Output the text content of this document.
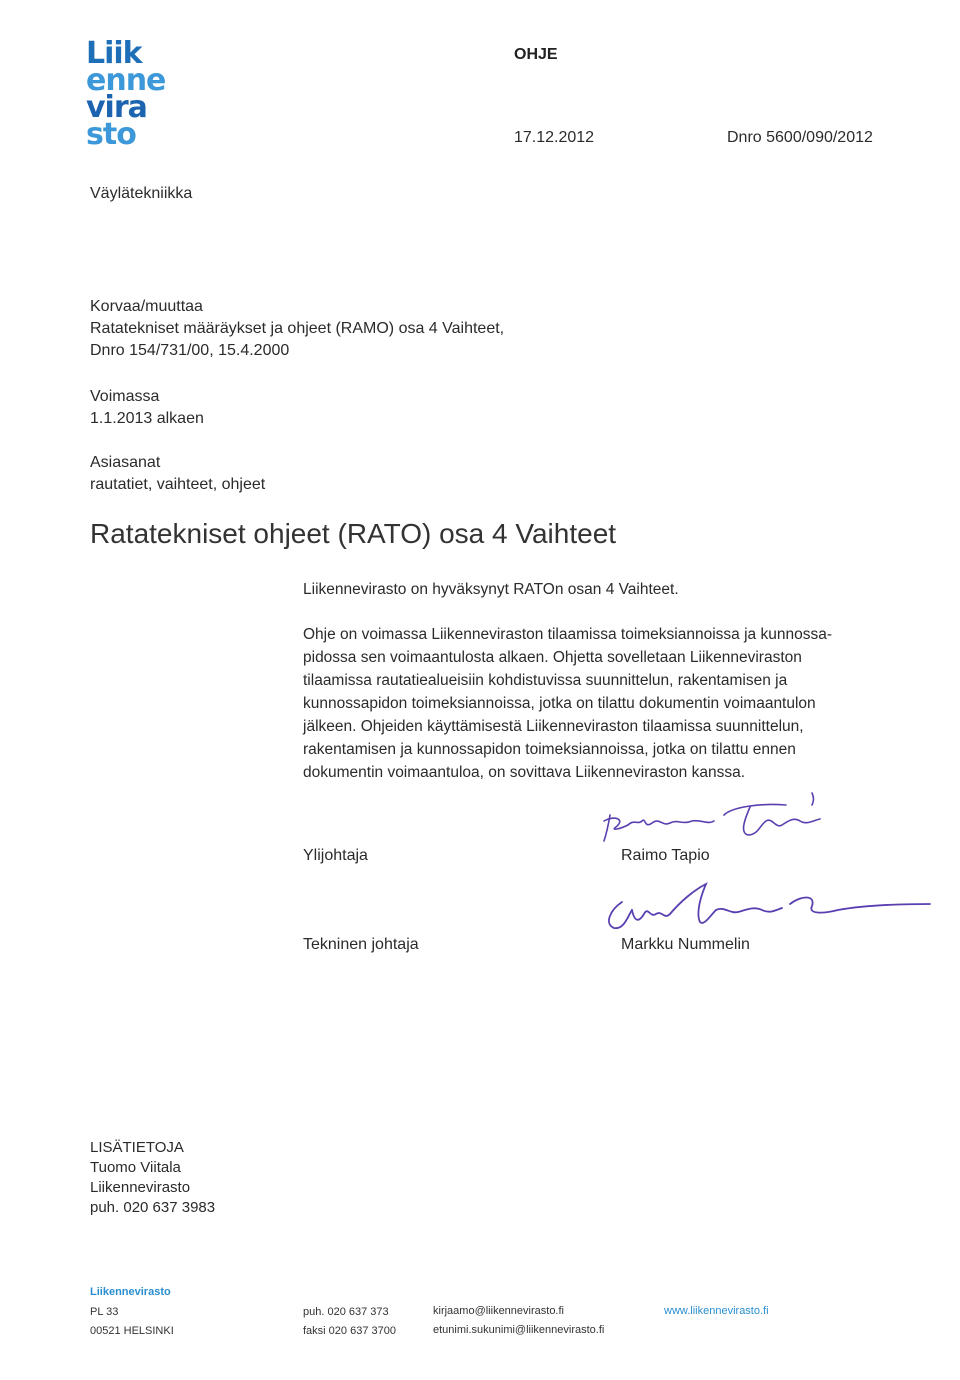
Liik
enne
vira
sto
OHJE
17.12.2012	Dnro 5600/090/2012
Väylätekniikka
Korvaa/muuttaa
Ratatekniset määräykset ja ohjeet (RAMO) osa 4 Vaihteet,
Dnro 154/731/00, 15.4.2000
Voimassa
1.1.2013 alkaen
Asiasanat
rautatiet, vaihteet, ohjeet
Ratatekniset ohjeet (RATO) osa 4 Vaihteet
Liikennevirasto on hyväksynyt RATOn osan 4 Vaihteet.
Ohje on voimassa Liikenneviraston tilaamissa toimeksiannoissa ja kunnossa-
pidossa sen voimaantulosta alkaen. Ohjetta sovelletaan Liikenneviraston
tilaamissa rautatiealueisiin kohdistuvissa suunnittelun, rakentamisen ja
kunnossapidon toimeksiannoissa, jotka on tilattu dokumentin voimaantulon
jälkeen. Ohjeiden käyttämisestä Liikenneviraston tilaamissa suunnittelun,
rakentamisen ja kunnossapidon toimeksiannoissa, jotka on tilattu ennen
dokumentin voimaantuloa, on sovittava Liikenneviraston kanssa.
Ylijohtaja	Raimo Tapio
Tekninen johtaja	Markku Nummelin
LISÄTIETOJA
Tuomo Viitala
Liikennevirasto
puh. 020 637 3983
Liikennevirasto
PL 33
00521 HELSINKI
puh. 020 637 373
faksi 020 637 3700
kirjaamo@liikennevirasto.fi
etunimi.sukunimi@liikennevirasto.fi
www.liikennevirasto.fi
